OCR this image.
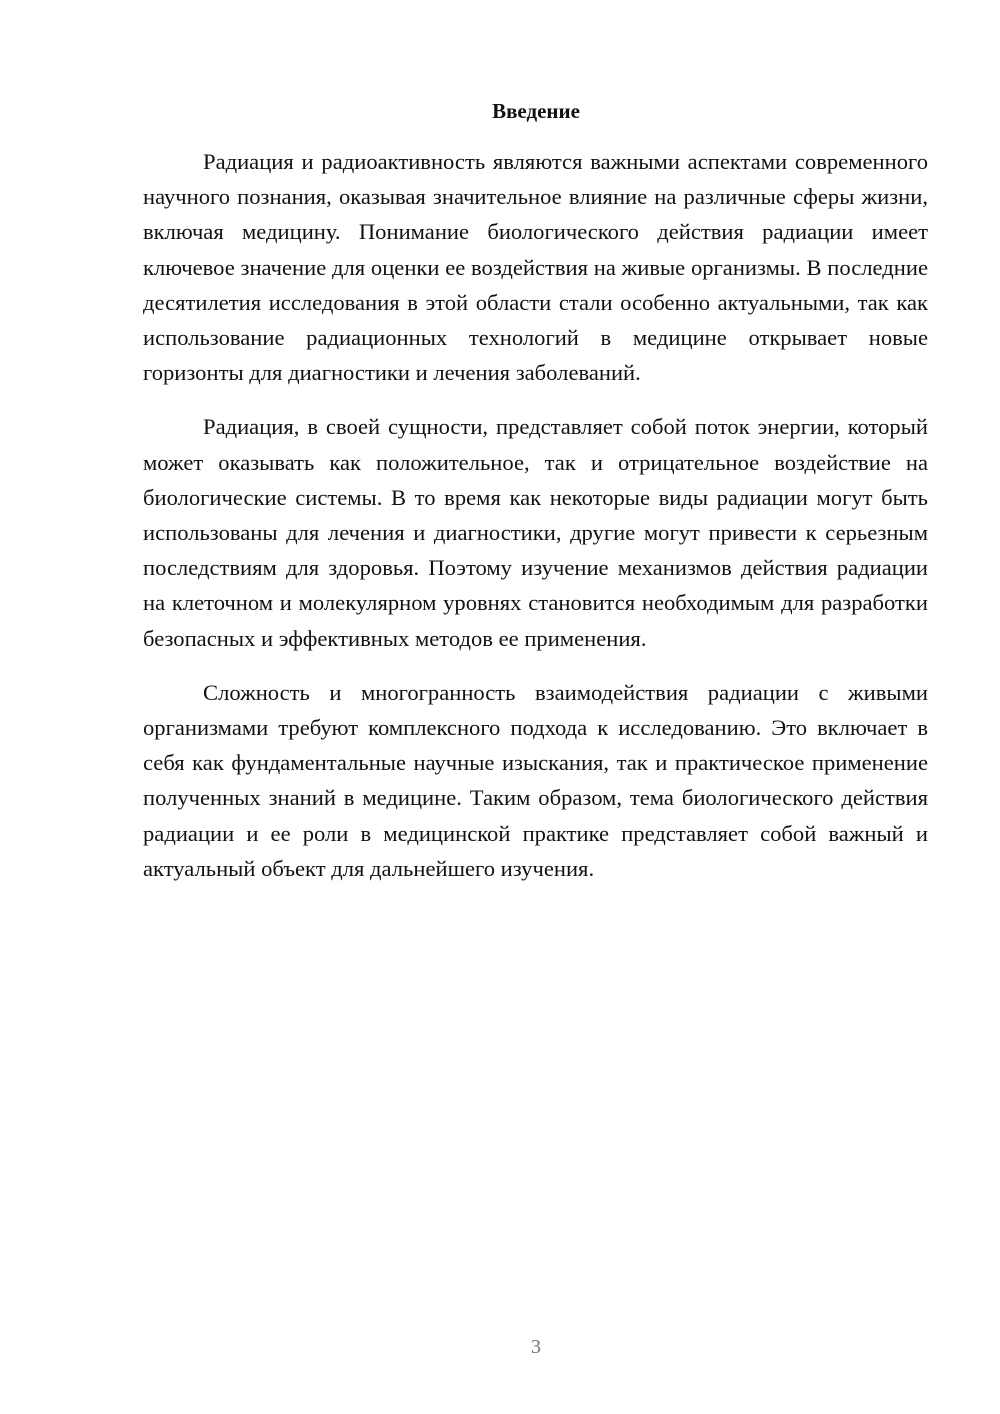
Введение

Радиация и радиоактивность являются важными аспектами современного научного познания, оказывая значительное влияние на различные сферы жизни, включая медицину. Понимание биологического действия радиации имеет ключевое значение для оценки ее воздействия на живые организмы. В последние десятилетия исследования в этой области стали особенно актуальными, так как использование радиационных технологий в медицине открывает новые горизонты для диагностики и лечения заболеваний.

Радиация, в своей сущности, представляет собой поток энергии, который может оказывать как положительное, так и отрицательное воздействие на биологические системы. В то время как некоторые виды радиации могут быть использованы для лечения и диагностики, другие могут привести к серьезным последствиям для здоровья. Поэтому изучение механизмов действия радиации на клеточном и молекулярном уровнях становится необходимым для разработки безопасных и эффективных методов ее применения.

Сложность и многогранность взаимодействия радиации с живыми организмами требуют комплексного подхода к исследованию. Это включает в себя как фундаментальные научные изыскания, так и практическое применение полученных знаний в медицине. Таким образом, тема биологического действия радиации и ее роли в медицинской практике представляет собой важный и актуальный объект для дальнейшего изучения.

3
